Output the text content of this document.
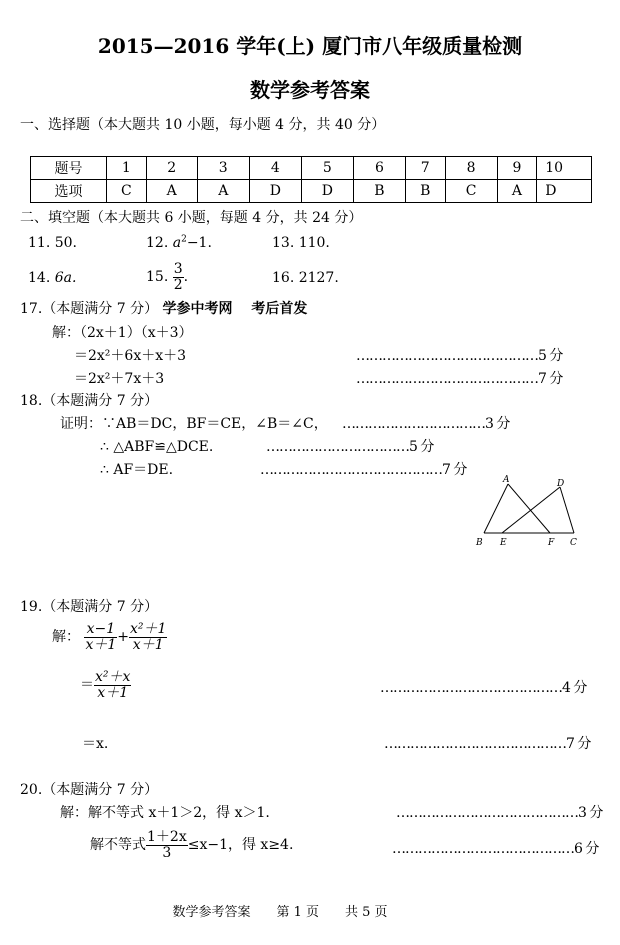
2015—2016 学年(上) 厦门市八年级质量检测
数学参考答案
一、选择题（本大题共 10 小题，每小题 4 分，共 40 分）
题号	1	2	3	4	5	6	7	8	9	10
选项	C	A	A	D	D	B	B	C	A	D
二、填空题（本大题共 6 小题，每题 4 分，共 24 分）
11. 50.	12. $a^2-1$.	13. 110.
14. 6a.	15. $\frac{3}{2}$ .	16. 2127.
17.（本题满分 7 分） 学参中考网　 考后首发
解：（2x＋1）（x＋3）
＝2x²＋6x＋x＋3	……………………………………5 分
＝2x²＋7x＋3	……………………………………7 分
18.（本题满分 7 分）
证明：∵AB＝DC，BF＝CE，∠B＝∠C， ……………………………3 分
∴ △ABF≌△DCE.	……………………………5 分
∴ AF＝DE.	……………………………………7 分
A	D
B E	F C
19.（本题满分 7 分）
解： $\frac{x-1}{x+1} + \frac{\text{x²＋1}}{x+1}$
＝ $\frac{\text{x²＋x}}{x+1}$	……………………………………4 分
＝x.	……………………………………7 分
20.（本题满分 7 分）
解：解不等式 x＋1＞2，得 x＞1.	……………………………………3 分
解不等式 $\frac{1+2x}{3} \le x-1$，得 x≥4.	……………………………………6 分
数学参考答案　　第 1 页　　共 5 页
